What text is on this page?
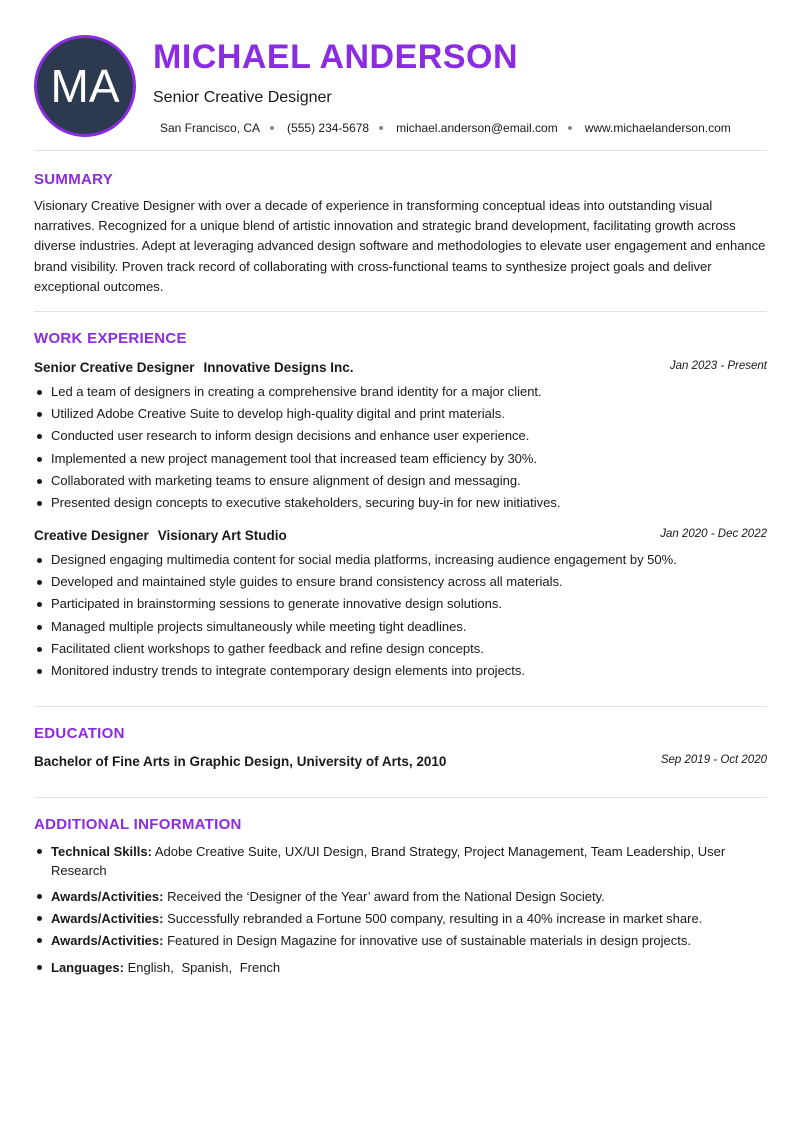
MA
MICHAEL ANDERSON
Senior Creative Designer
San Francisco, CA (555) 234-5678 michael.anderson@email.com www.michaelanderson.com
SUMMARY

Visionary Creative Designer with over a decade of experience in transforming conceptual ideas into outstanding visual narratives. Recognized for a unique blend of artistic innovation and strategic brand development, facilitating growth across diverse industries. Adept at leveraging advanced design software and methodologies to elevate user engagement and enhance brand visibility. Proven track record of collaborating with cross-functional teams to synthesize project goals and deliver exceptional outcomes.

WORK EXPERIENCE
Senior Creative Designer Innovative Designs Inc.	Jan 2023 - Present
Led a team of designers in creating a comprehensive brand identity for a major client.
Utilized Adobe Creative Suite to develop high-quality digital and print materials.
Conducted user research to inform design decisions and enhance user experience.
Implemented a new project management tool that increased team efficiency by 30%.
Collaborated with marketing teams to ensure alignment of design and messaging.
Presented design concepts to executive stakeholders, securing buy-in for new initiatives.
Creative Designer Visionary Art Studio	Jan 2020 - Dec 2022
Designed engaging multimedia content for social media platforms, increasing audience engagement by 50%.
Developed and maintained style guides to ensure brand consistency across all materials.
Participated in brainstorming sessions to generate innovative design solutions.
Managed multiple projects simultaneously while meeting tight deadlines.
Facilitated client workshops to gather feedback and refine design concepts.
Monitored industry trends to integrate contemporary design elements into projects.
EDUCATION
Bachelor of Fine Arts in Graphic Design, University of Arts, 2010	Sep 2019 - Oct 2020
ADDITIONAL INFORMATION
Technical Skills: Adobe Creative Suite, UX/UI Design, Brand Strategy, Project Management, Team Leadership, User Research
Awards/Activities: Received the ‘Designer of the Year’ award from the National Design Society.
Awards/Activities: Successfully rebranded a Fortune 500 company, resulting in a 40% increase in market share.
Awards/Activities: Featured in Design Magazine for innovative use of sustainable materials in design projects.
Languages: English, Spanish, French
